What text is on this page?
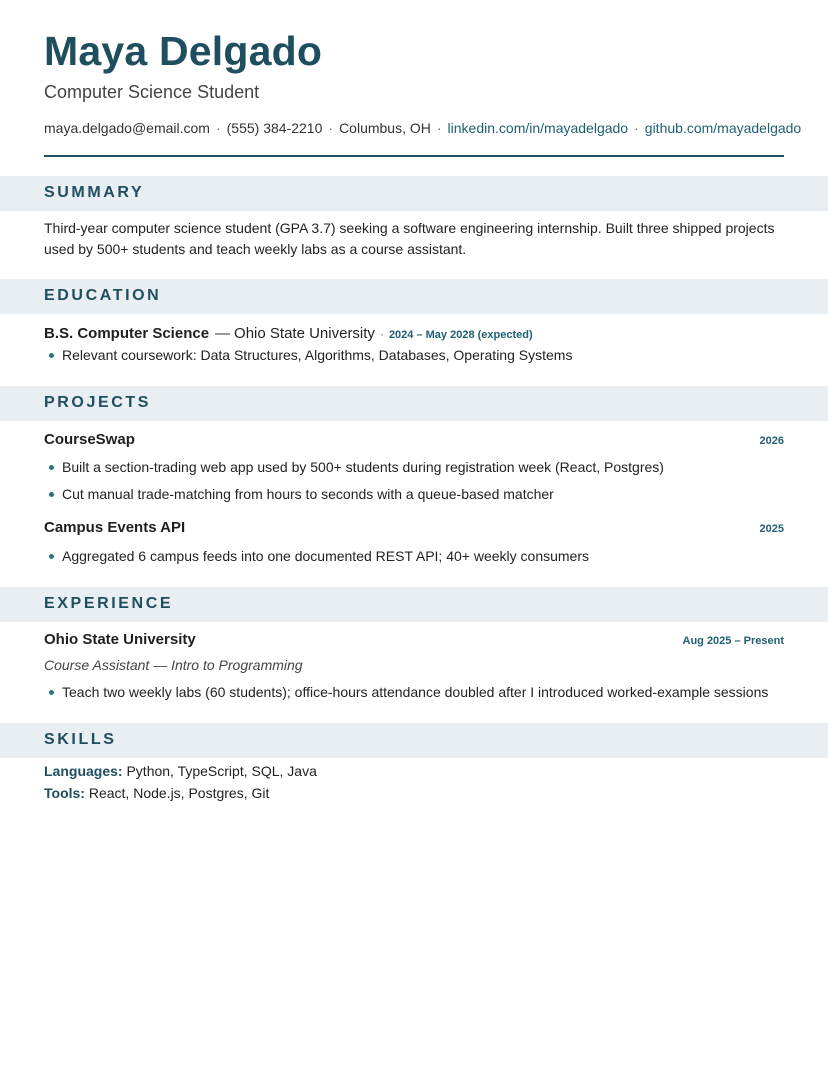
Maya Delgado
Computer Science Student
maya.delgado@email.com · (555) 384-2210 · Columbus, OH · linkedin.com/in/mayadelgado · github.com/mayadelgado
SUMMARY
Third-year computer science student (GPA 3.7) seeking a software engineering internship. Built three shipped projects used by 500+ students and teach weekly labs as a course assistant.
EDUCATION
B.S. Computer Science — Ohio State University · 2024 – May 2028 (expected)
Relevant coursework: Data Structures, Algorithms, Databases, Operating Systems
PROJECTS
CourseSwap	2026
Built a section-trading web app used by 500+ students during registration week (React, Postgres)
Cut manual trade-matching from hours to seconds with a queue-based matcher
Campus Events API	2025
Aggregated 6 campus feeds into one documented REST API; 40+ weekly consumers
EXPERIENCE
Ohio State University	Aug 2025 – Present
Course Assistant — Intro to Programming
Teach two weekly labs (60 students); office-hours attendance doubled after I introduced worked-example sessions
SKILLS
Languages: Python, TypeScript, SQL, Java
Tools: React, Node.js, Postgres, Git
